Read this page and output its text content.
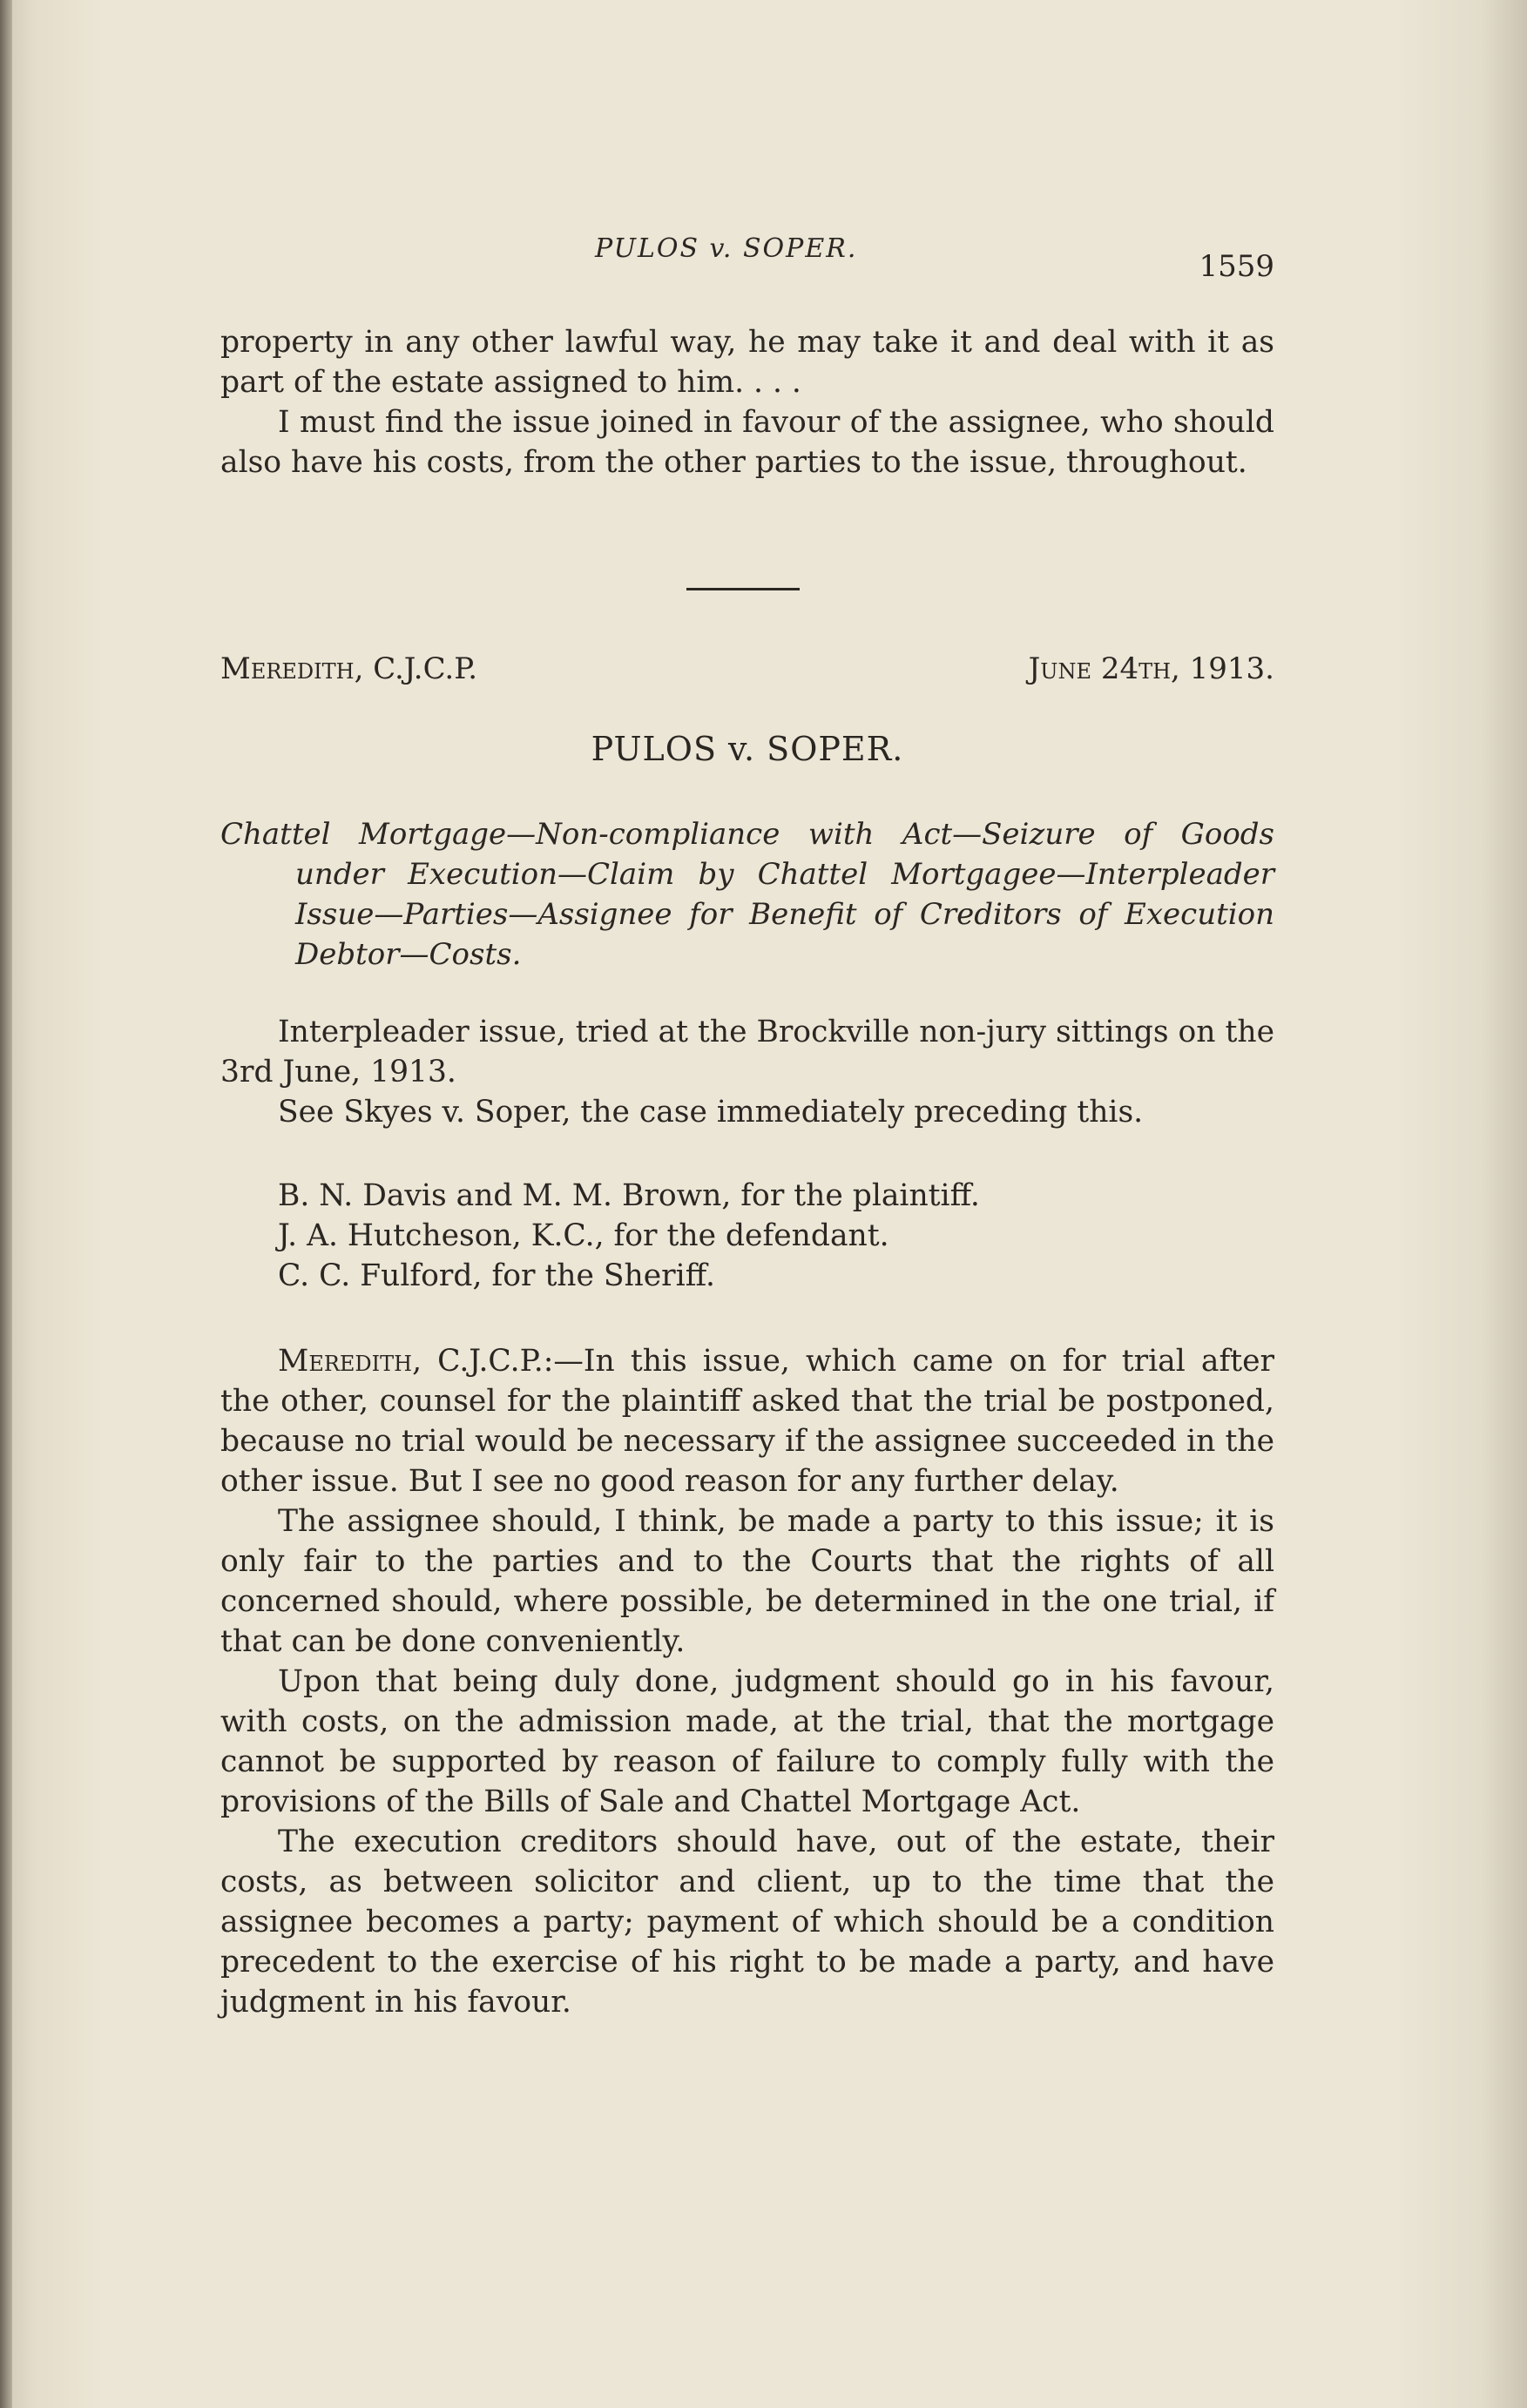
PULOS v. SOPER.
1559

property in any other lawful way, he may take it and deal with it as part of the estate assigned to him. . . .

I must find the issue joined in favour of the assignee, who should also have his costs, from the other parties to the issue, throughout.

Meredith, C.J.C.P.	June 24th, 1913.
PULOS v. SOPER.
Chattel Mortgage—Non-compliance with Act—Seizure of Goods under Execution—Claim by Chattel Mortgagee—Interpleader Issue—Parties—Assignee for Benefit of Creditors of Execution Debtor—Costs.

Interpleader issue, tried at the Brockville non-jury sittings on the 3rd June, 1913.

See Skyes v. Soper, the case immediately preceding this.

B. N. Davis and M. M. Brown, for the plaintiff.

J. A. Hutcheson, K.C., for the defendant.

C. C. Fulford, for the Sheriff.

Meredith, C.J.C.P.:—In this issue, which came on for trial after the other, counsel for the plaintiff asked that the trial be postponed, because no trial would be necessary if the assignee succeeded in the other issue. But I see no good reason for any further delay.

The assignee should, I think, be made a party to this issue; it is only fair to the parties and to the Courts that the rights of all concerned should, where possible, be determined in the one trial, if that can be done conveniently.

Upon that being duly done, judgment should go in his favour, with costs, on the admission made, at the trial, that the mortgage cannot be supported by reason of failure to comply fully with the provisions of the Bills of Sale and Chattel Mortgage Act.

The execution creditors should have, out of the estate, their costs, as between solicitor and client, up to the time that the assignee becomes a party; payment of which should be a condition precedent to the exercise of his right to be made a party, and have judgment in his favour.
